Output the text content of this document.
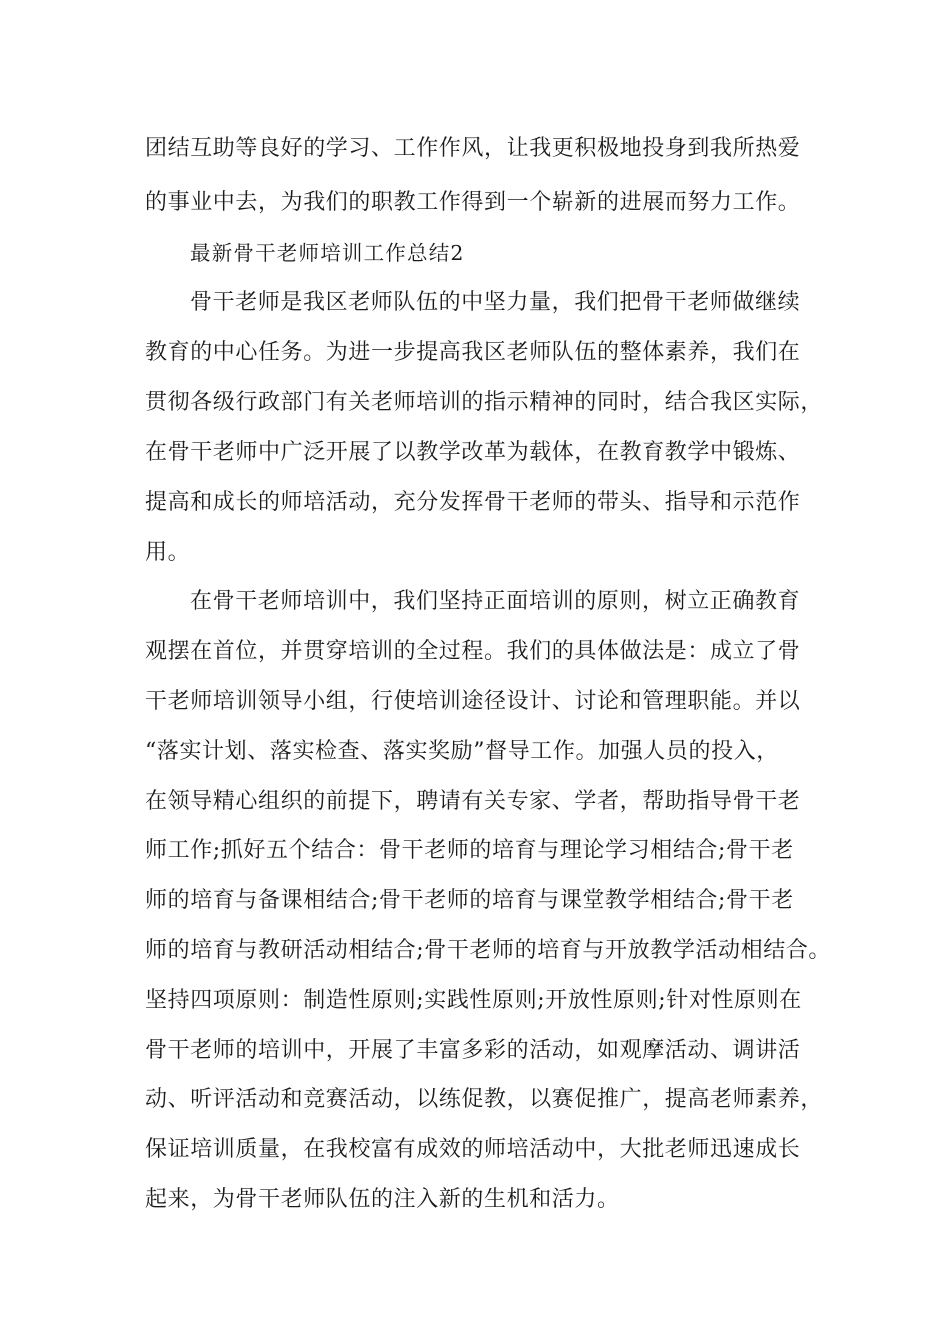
团结互助等良好的学习、工作作风，让我更积极地投身到我所热爱

的事业中去，为我们的职教工作得到一个崭新的进展而努力工作。

最新骨干老师培训工作总结2

骨干老师是我区老师队伍的中坚力量，我们把骨干老师做继续

教育的中心任务。为进一步提高我区老师队伍的整体素养，我们在

贯彻各级行政部门有关老师培训的指示精神的同时，结合我区实际，

在骨干老师中广泛开展了以教学改革为载体，在教育教学中锻炼、

提高和成长的师培活动，充分发挥骨干老师的带头、指导和示范作

用。

在骨干老师培训中，我们坚持正面培训的原则，树立正确教育

观摆在首位，并贯穿培训的全过程。我们的具体做法是：成立了骨

干老师培训领导小组，行使培训途径设计、讨论和管理职能。并以

“落实计划、落实检查、落实奖励”督导工作。加强人员的投入，

在领导精心组织的前提下，聘请有关专家、学者，帮助指导骨干老

师工作;抓好五个结合：骨干老师的培育与理论学习相结合;骨干老

师的培育与备课相结合;骨干老师的培育与课堂教学相结合;骨干老

师的培育与教研活动相结合;骨干老师的培育与开放教学活动相结合。

坚持四项原则：制造性原则;实践性原则;开放性原则;针对性原则在

骨干老师的培训中，开展了丰富多彩的活动，如观摩活动、调讲活

动、听评活动和竞赛活动，以练促教，以赛促推广，提高老师素养，

保证培训质量，在我校富有成效的师培活动中，大批老师迅速成长

起来，为骨干老师队伍的注入新的生机和活力。
